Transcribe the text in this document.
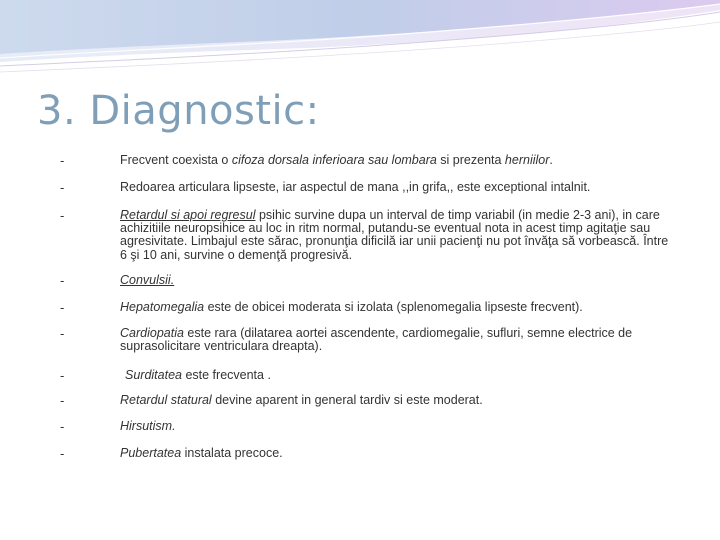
3. Diagnostic:
-	Frecvent coexista o cifoza dorsala inferioara sau lombara si prezenta herniilor.
-	Redoarea articulara lipseste, iar aspectul de mana ,,in grifa,, este exceptional intalnit.
-	Retardul si apoi regresul psihic survine dupa un interval de timp variabil (in medie 2-3 ani), in care achizitiile neuropsihice au loc in ritm normal, putandu-se eventual nota in acest timp agitaţie sau agresivitate. Limbajul este sărac, pronunţia dificilă iar unii pacienţi nu pot învăţa să vorbească. Între 6 şi 10 ani, survine o demenţă progresivă.
-	Convulsii.
-	Hepatomegalia este de obicei moderata si izolata (splenomegalia lipseste frecvent).
-	Cardiopatia este rara (dilatarea aortei ascendente, cardiomegalie, sufluri, semne electrice de suprasolicitare ventriculara dreapta).
-	Surditatea este frecventa .
-	Retardul statural devine aparent in general tardiv si este moderat.
-	Hirsutism.
-	Pubertatea instalata precoce.
